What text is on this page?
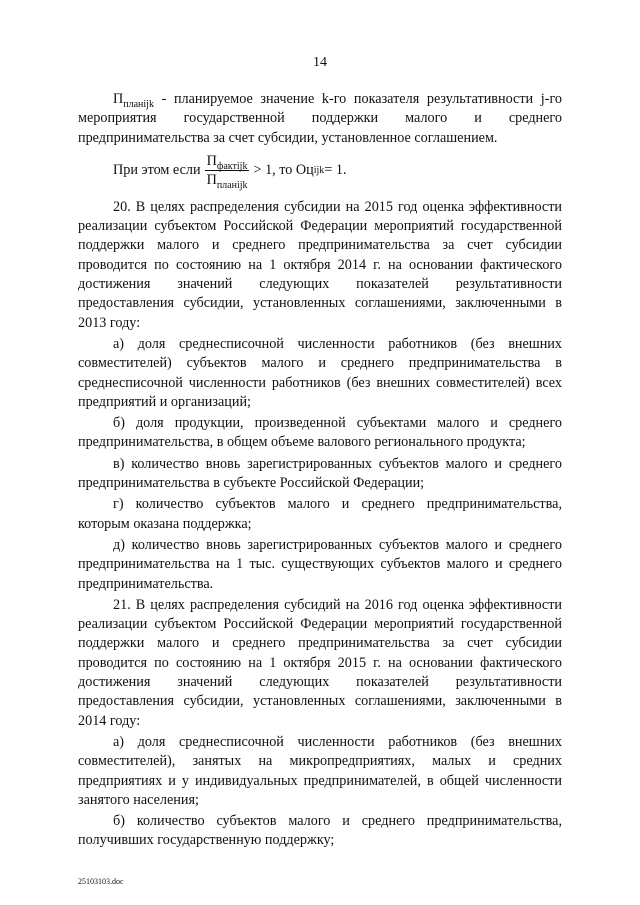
14

$П_{планijk}$ - планируемое значение k-го показателя результативности j-го мероприятия государственной поддержки малого и среднего предпринимательства за счет субсидии, установленное соглашением.

При этом если $\frac{П_{фактijk}}{П_{планijk}} > 1$, то Оц ijk = 1.

20. В целях распределения субсидии на 2015 год оценка эффективности реализации субъектом Российской Федерации мероприятий государственной поддержки малого и среднего предпринимательства за счет субсидии проводится по состоянию на 1 октября 2014 г. на основании фактического достижения значений следующих показателей результативности предоставления субсидии, установленных соглашениями, заключенными в 2013 году:

а) доля среднесписочной численности работников (без внешних совместителей) субъектов малого и среднего предпринимательства в среднесписочной численности работников (без внешних совместителей) всех предприятий и организаций;

б) доля продукции, произведенной субъектами малого и среднего предпринимательства, в общем объеме валового регионального продукта;

в) количество вновь зарегистрированных субъектов малого и среднего предпринимательства в субъекте Российской Федерации;

г) количество субъектов малого и среднего предпринимательства, которым оказана поддержка;

д) количество вновь зарегистрированных субъектов малого и среднего предпринимательства на 1 тыс. существующих субъектов малого и среднего предпринимательства.

21. В целях распределения субсидий на 2016 год оценка эффективности реализации субъектом Российской Федерации мероприятий государственной поддержки малого и среднего предпринимательства за счет субсидии проводится по состоянию на 1 октября 2015 г. на основании фактического достижения значений следующих показателей результативности предоставления субсидии, установленных соглашениями, заключенными в 2014 году:

а) доля среднесписочной численности работников (без внешних совместителей), занятых на микропредприятиях, малых и средних предприятиях и у индивидуальных предпринимателей, в общей численности занятого населения;

б) количество субъектов малого и среднего предпринимательства, получивших государственную поддержку;

25103103.doc
